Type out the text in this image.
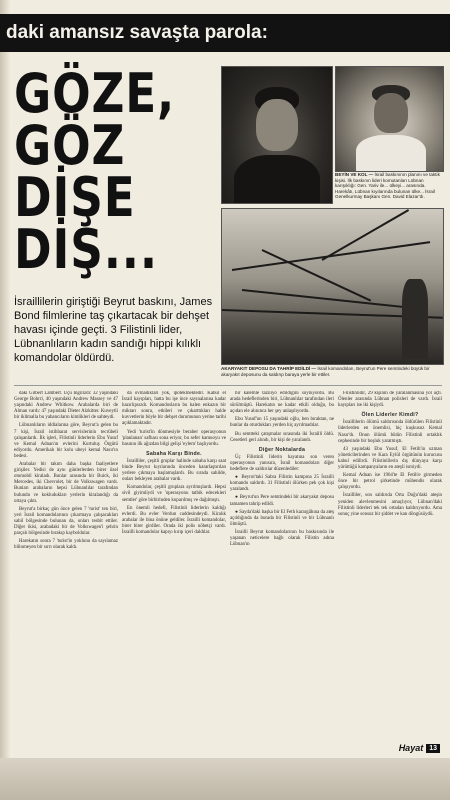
daki amansız savaşta parola:
GÖZE,
GÖZ
DİŞE
DİŞ...
BEYİN VE KOL — İsrail baskınının planını ve taktik kişisi. İlk baskının lideri komutanları Lübnan karışıklığı: Gen. Yariv ile... ülkeyi... arasında. Harekâtı, Lübnan kıyılarında bulunan ülke... İsrail Genelkurmay Başkanı Gen. David Elazar'dı.
AKARYAKIT DEPOSU DA TAHRİP EDİLDİ — İsrail komandoları, Beyrut'un Pere semtindeki büyük bir akaryakıt deposunu da saldırıp baraya yerle bir ettiler.
İsraillilerin giriştiği Beyrut baskını, James Bond filmlerine taş çıkartacak bir dehşet havası içinde geçti. 3 Filistinli lider, Lübnanlıların kadın sandığı hippi kılıklı komandolar öldürdü.

daki Gilbert Lambert. Üçü İngilizdi: 32 yaşındaki George Bohrri, 40 yaşındaki Andrew Massey ve 47 yaşındaki Andrew Whitkow. Arabalarda biri de Alman vardı: 47 yaşındaki Dieter Alzkitter. Kuveytli bir iklimalla bu yabancıların kimlikleri de sahteydi.

Lübnanlıların iddialarına göre, Beyrut'a gelen bu 7 kişi, İsrail istihbarat servislerinin tecrübeli çalışanlardı. İlk işleri, Filistinli liderlerin Ebu Yusuf ve Kemal Adnan'ın evlerini Kurtuluş Örgütü ediyordu. Amerikalı bir kolu ubeyi kemal Nasır'ın bedesi.

Arabalar bir takım daha başka faaliyetlere girişiler. Yedisi de aynı günlerlerden birer özel otomobil kiraladı. Bunlar arasında bir Buick, iki Mercedes, iki Chevrolet, bir de Volkswagen vardı. Bunları arabaların hepsi Lübnanlılar tarafından bulundu ve kokludukları yerlerin kiralandığı da ortaya çıktı.

Beyrut'a birkaç gün önce gelen 7 'turist' ten biri, yeri İsrail komandolarının çıkarmaya çalışacakları sahil bölgesinde bulunan da, onları tesbit ettiler. Diğer ikisi, arabadaki bir de Volkswagen'i şehrin parçalı bölgesinde bırakıp kayboldular.

Harekatın sonra 7 'turist'in yoklunu da sayılamaz bilinmeyen bir sırrı olarak kaldı.

da ovmadıkları yok, ipotekmektedir. Kabul el İsrail kayıpları, hatta bu işe ince sayınalarına kadar hazırlıpsızdı. Komandosların bu halen enkazın bir miktarı sonra, etkileri ve çıkarttıkları halde kuvvetlerin böyle bir dehşet durumunun yerine tarihi açıklamaktadır.

Yedi 'turist'in dönmesiyle beraber operasyonun 'planlanan' safhası sona eriyor, bu sefer kamuoyu ve basının ilk ağızdan bilgi gelişi 'eylem' başlıyordu.

Sabaha Karşı Binde.

İsrailliler, çeşitli gruplar halinde sabaha karşı saat binde Beyrut kıyılarında önceden kararlaştırılan yerlere çıkmaya başlamışlardı. Bu sırada sahilde, onları bekleyen arabalar vardı.

Komandolar, çeşitli gruplara ayrılmışlardı. Hepsi sivil giyimliydi ve 'operasyonu tatbik edecekleri semtler' göre birbirinden koparılmış ve dağılmıştı.

En önemli hedefi, Filistinli liderlerin kaldığı evlerdi. Bu evler Verdun caddesindeydi. Kiralık arabalar ile bina önüne geldiler. İsrailli komandolar, birer birer girdiler. Orada iki polis nöbetçi vardı. İsrailli komandolar kapıyı kırıp içeri daldılar.

bir kalemle tazılıyo edildiğini söylüyordu. Bu arada hedeflerinden biri, Lübnanlılar tarafından ileri sürülmüştü. Harekatın ne kadar etkili olduğu, bu açıdan ele alınınca her şey anlaşılıyordu.

Ebu Yusuf'un 15 yaşındaki oğlu, ben bıraktan, ne bunlar da oturdukları yerden hiç ayrılmadılar.

Bu semtteki çatışmalar sırasında iki İsrailli öldü. Cesetleri geri alındı, bir kişi de yaralandı.

Diğer Noktalarda

Üç Filistinli liderin hayatına son veren operasyonun yanısıra, İsrail komandoları diğer hedeflere de saldırılar düzenlediler:

● Beyrut'taki Sabra Filistin kampına 25 İsrailli komando saldırdı. 31 Filistinli ölürken pek çok kişi yaralandı.

● Beyrut'un Pere semtindeki bir akaryakıt deposu tamamen tahrip edildi.

● Sayda'daki başka bir El Feth karargâhına da ateş açıldığında da burada bir Filistinli ve bir Lübnanlı ölmüştü.

İsrailli Beyrut komandolarının bu baskısında ile yaşanan neticelere bağlı olarak Filistin adına Lübnan'ın

Filistinlidir, 29 kişinin de yaralanmasına yol açtı. Ölenler arasında Lübnan polisleri de vardı. İsrail kayıpları ise iki kişiydi.

Ölen Liderler Kimdi?

İsraillilerin ölümü saldırısında öldürülen Filistinli liderlerden en önemlisi, hiç kuşkusuz Kemal Nasır'dı. Onun ölümü bütün Filistinli ortaklık cephesinde bir boşluk yaratmıştı.

43 yaşındaki Ebu Yusuf, El Fetih'in uzman yöneticilerinden ve Kara Eylül örgütünün kurucusu kabul edilirdi. Filistinlilerin dış dünyaya karşı yürüttüğü kampanyaların en ateşli ismiydi.

Kemal Adnan ise 1964'te El Fetih'e girmeden önce bir petrol şirketinde mühendis olarak çalışıyordu.

İsrailliler, son saldırıda Orta Doğu'daki ateşin yeniden alevlenmesini amaçlıyor, Lübnan'daki Filistinli liderleri tek tek ortadan kaldırıyordu. Ama sonuç yine sonsuz bir şiddet ve kan döngüsüydü.

Hayat 13
